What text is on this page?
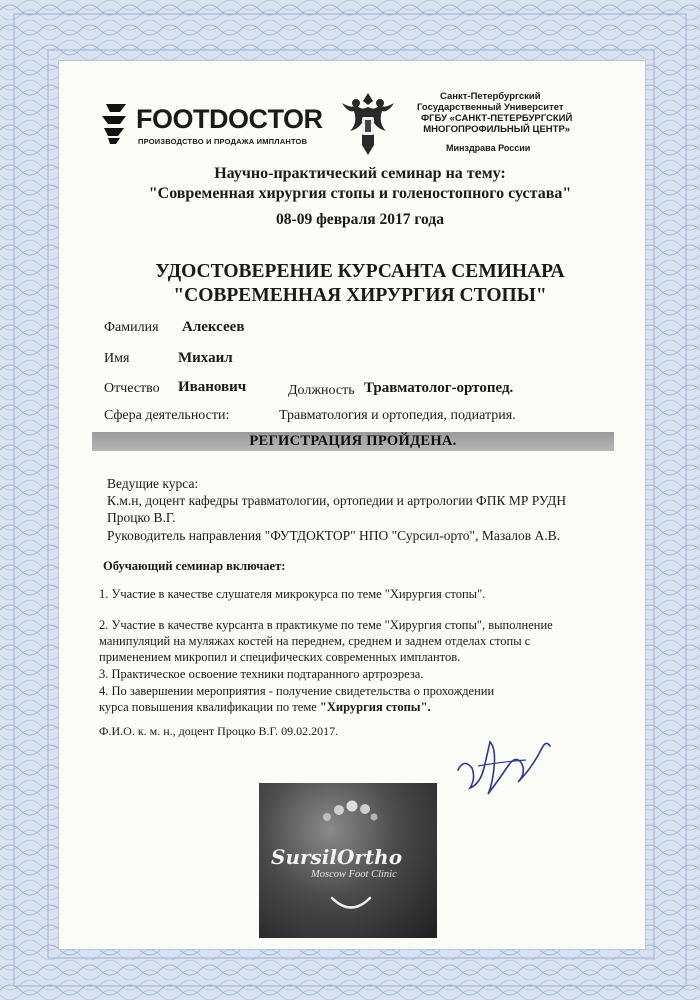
FOOTDOCTOR
ПРОИЗВОДСТВО И ПРОДАЖА ИМПЛАНТОВ
Санкт-Петербургский
Государственный Университет
ФГБУ «САНКТ-ПЕТЕРБУРГСКИЙ
МНОГОПРОФИЛЬНЫЙ ЦЕНТР»
Минздрава России
Научно-практический семинар на тему:
"Современная хирургия стопы и голеностопного сустава"
08-09 февраля 2017 года
УДОСТОВЕРЕНИЕ КУРСАНТА СЕМИНАРА
"СОВРЕМЕННАЯ ХИРУРГИЯ СТОПЫ"
Фамилия Алексеев
Имя	Михаил
Отчество Иванович	Должность Травматолог-ортопед.
Сфера деятельности:	Травматология и ортопедия, подиатрия.
РЕГИСТРАЦИЯ ПРОЙДЕНА.
Ведущие курса:
К.м.н, доцент кафедры травматологии, ортопедии и артрологии ФПК МР РУДН
Процко В.Г.
Руководитель направления "ФУТДОКТОР" НПО "Сурсил-орто", Мазалов А.В.
Обучающий семинар включает:
1. Участие в качестве слушателя микрокурса по теме "Хирургия стопы".
2. Участие в качестве курсанта в практикуме по теме "Хирургия стопы", выполнение
манипуляций на муляжах костей на переднем, среднем и заднем отделах стопы с
применением микропил и специфических современных имплантов.
3. Практическое освоение техники подтаранного артроэреза.
4. По завершении мероприятия - получение свидетельства о прохождении
курса повышения квалификации по теме "Хирургия стопы".
Ф.И.О. к. м. н., доцент Процко В.Г. 09.02.2017.
SursilOrtho
Moscow Foot Clinic
